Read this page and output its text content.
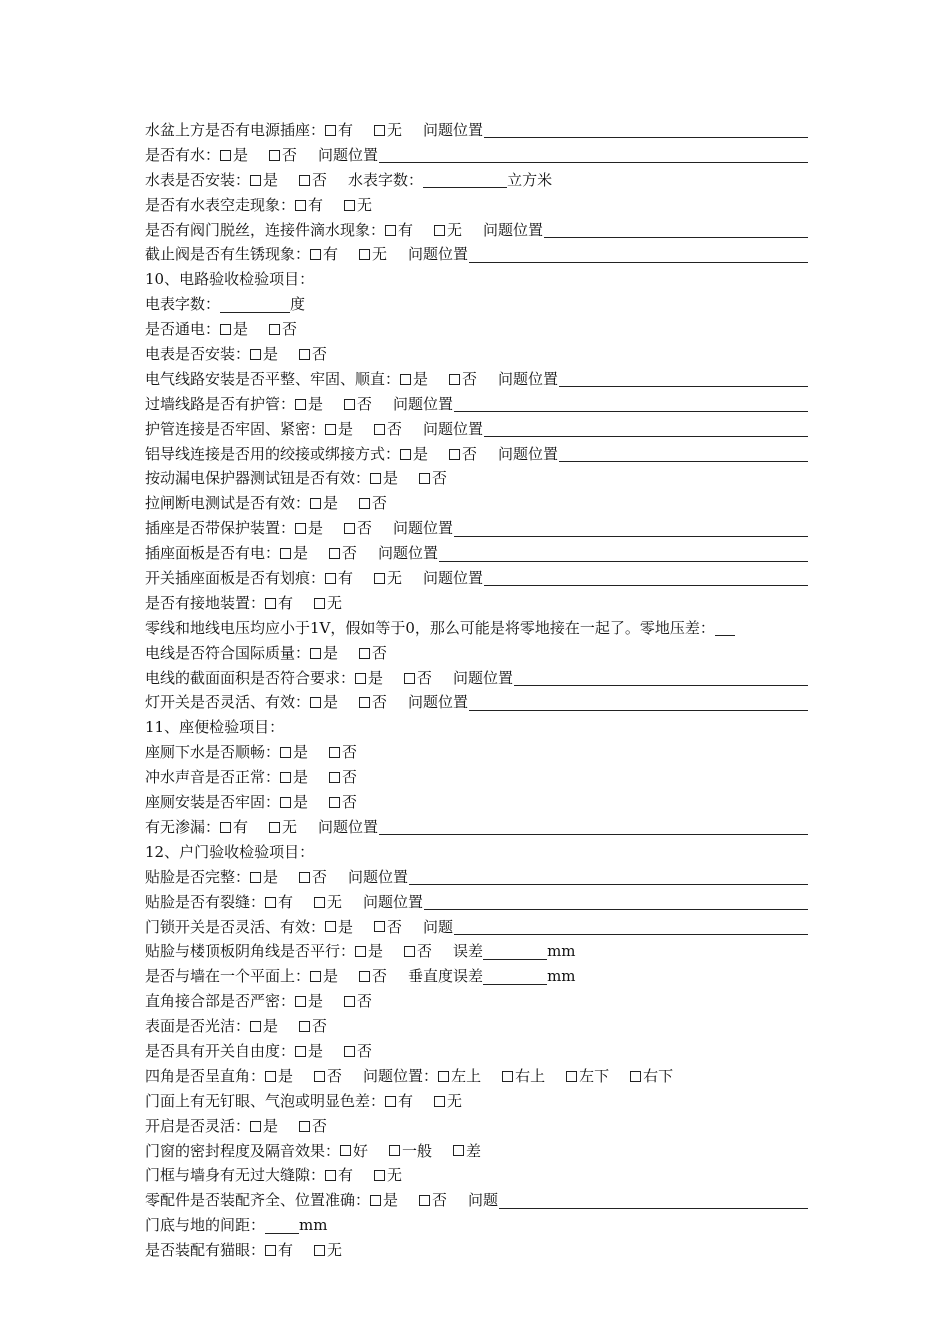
水盆上方是否有电源插座： 有 无 问题位置
是否有水： 是 否 问题位置
水表是否安装： 是 否 水表字数：	立方米
是否有水表空走现象： 有 无
是否有阀门脱丝，连接件滴水现象： 有 无 问题位置
截止阀是否有生锈现象： 有 无 问题位置
10、电路验收检验项目：
电表字数：	度
是否通电： 是 否
电表是否安装： 是 否
电气线路安装是否平整、牢固、顺直： 是 否 问题位置
过墙线路是否有护管： 是 否 问题位置
护管连接是否牢固、紧密： 是 否 问题位置
铝导线连接是否用的绞接或绑接方式： 是 否 问题位置
按动漏电保护器测试钮是否有效： 是 否
拉闸断电测试是否有效： 是 否
插座是否带保护装置： 是 否 问题位置
插座面板是否有电： 是 否 问题位置
开关插座面板是否有划痕： 有 无 问题位置
是否有接地装置： 有 无
零线和地线电压均应小于1V，假如等于0，那么可能是将零地接在一起了。零地压差：
电线是否符合国际质量： 是 否
电线的截面面积是否符合要求： 是 否 问题位置
灯开关是否灵活、有效： 是 否 问题位置
11、座便检验项目：
座厕下水是否顺畅： 是 否
冲水声音是否正常： 是 否
座厕安装是否牢固： 是 否
有无渗漏： 有 无 问题位置
12、户门验收检验项目：
贴脸是否完整： 是 否 问题位置
贴脸是否有裂缝： 有 无 问题位置
门锁开关是否灵活、有效： 是 否 问题
贴脸与楼顶板阴角线是否平行： 是 否 误差	mm
是否与墙在一个平面上： 是 否 垂直度误差	mm
直角接合部是否严密： 是 否
表面是否光洁： 是 否
是否具有开关自由度： 是 否
四角是否呈直角： 是 否 问题位置： 左上 右上 左下 右下
门面上有无钉眼、气泡或明显色差： 有 无
开启是否灵活： 是 否
门窗的密封程度及隔音效果： 好 一般 差
门框与墙身有无过大缝隙： 有 无
零配件是否装配齐全、位置准确： 是 否 问题
门底与地的间距： mm
是否装配有猫眼： 有 无
